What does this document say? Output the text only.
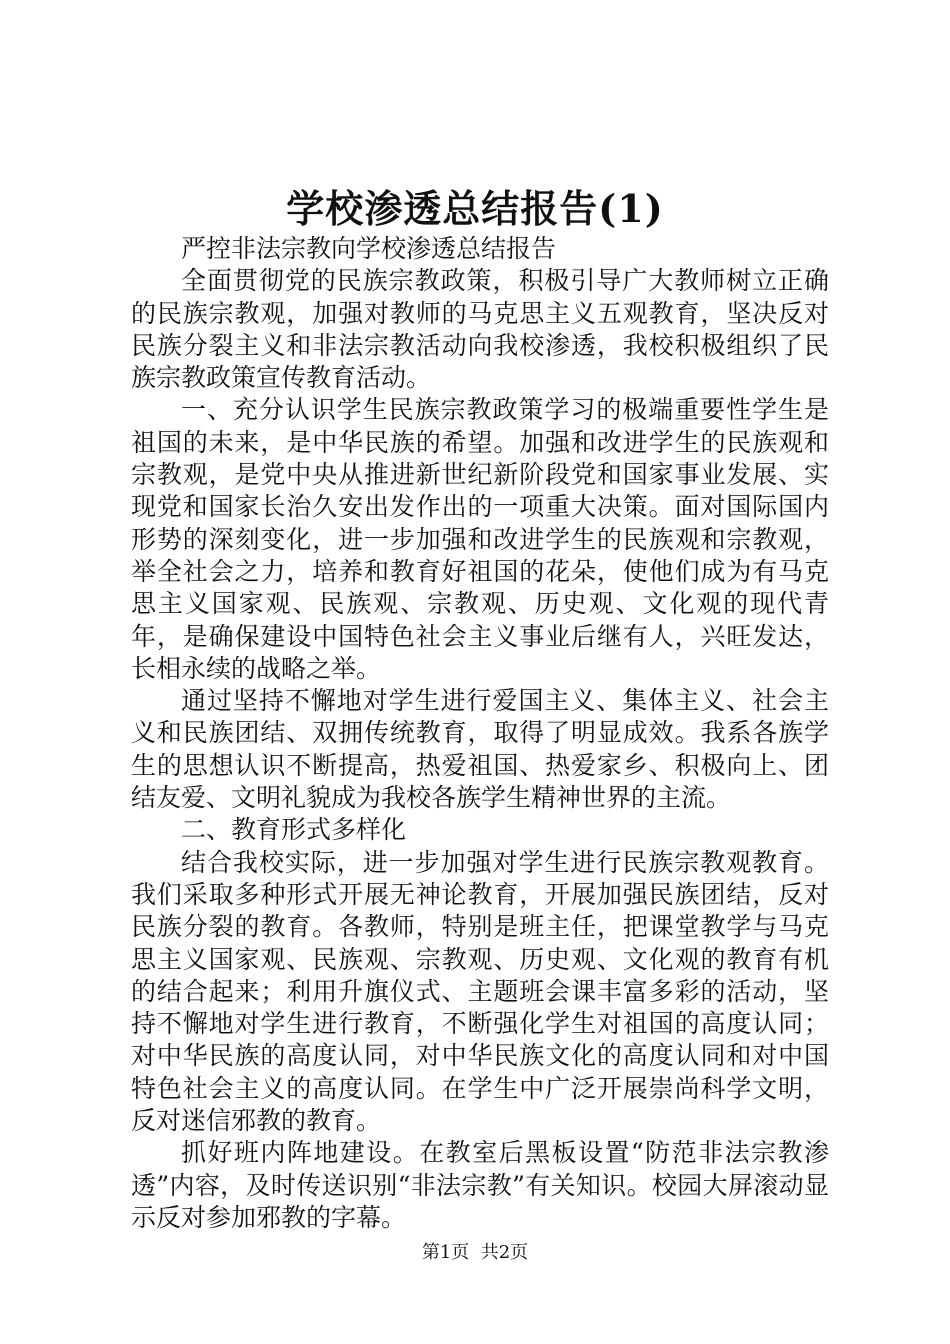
学校渗透总结报告(1)

严控非法宗教向学校渗透总结报告

全面贯彻党的民族宗教政策，积极引导广大教师树立正确的民族宗教观，加强对教师的马克思主义五观教育，坚决反对民族分裂主义和非法宗教活动向我校渗透，我校积极组织了民族宗教政策宣传教育活动。

一、充分认识学生民族宗教政策学习的极端重要性学生是祖国的未来，是中华民族的希望。加强和改进学生的民族观和宗教观，是党中央从推进新世纪新阶段党和国家事业发展、实现党和国家长治久安出发作出的一项重大决策。面对国际国内形势的深刻变化，进一步加强和改进学生的民族观和宗教观，举全社会之力，培养和教育好祖国的花朵，使他们成为有马克思主义国家观、民族观、宗教观、历史观、文化观的现代青年，是确保建设中国特色社会主义事业后继有人，兴旺发达，长相永续的战略之举。

通过坚持不懈地对学生进行爱国主义、集体主义、社会主义和民族团结、双拥传统教育，取得了明显成效。我系各族学生的思想认识不断提高，热爱祖国、热爱家乡、积极向上、团结友爱、文明礼貌成为我校各族学生精神世界的主流。

二、教育形式多样化

结合我校实际，进一步加强对学生进行民族宗教观教育。我们采取多种形式开展无神论教育，开展加强民族团结，反对民族分裂的教育。各教师，特别是班主任，把课堂教学与马克思主义国家观、民族观、宗教观、历史观、文化观的教育有机的结合起来；利用升旗仪式、主题班会课丰富多彩的活动，坚持不懈地对学生进行教育，不断强化学生对祖国的高度认同；对中华民族的高度认同，对中华民族文化的高度认同和对中国特色社会主义的高度认同。在学生中广泛开展崇尚科学文明，反对迷信邪教的教育。

抓好班内阵地建设。在教室后黑板设置“防范非法宗教渗透”内容，及时传送识别“非法宗教”有关知识。校园大屏滚动显示反对参加邪教的字幕。

第1页 共2页
